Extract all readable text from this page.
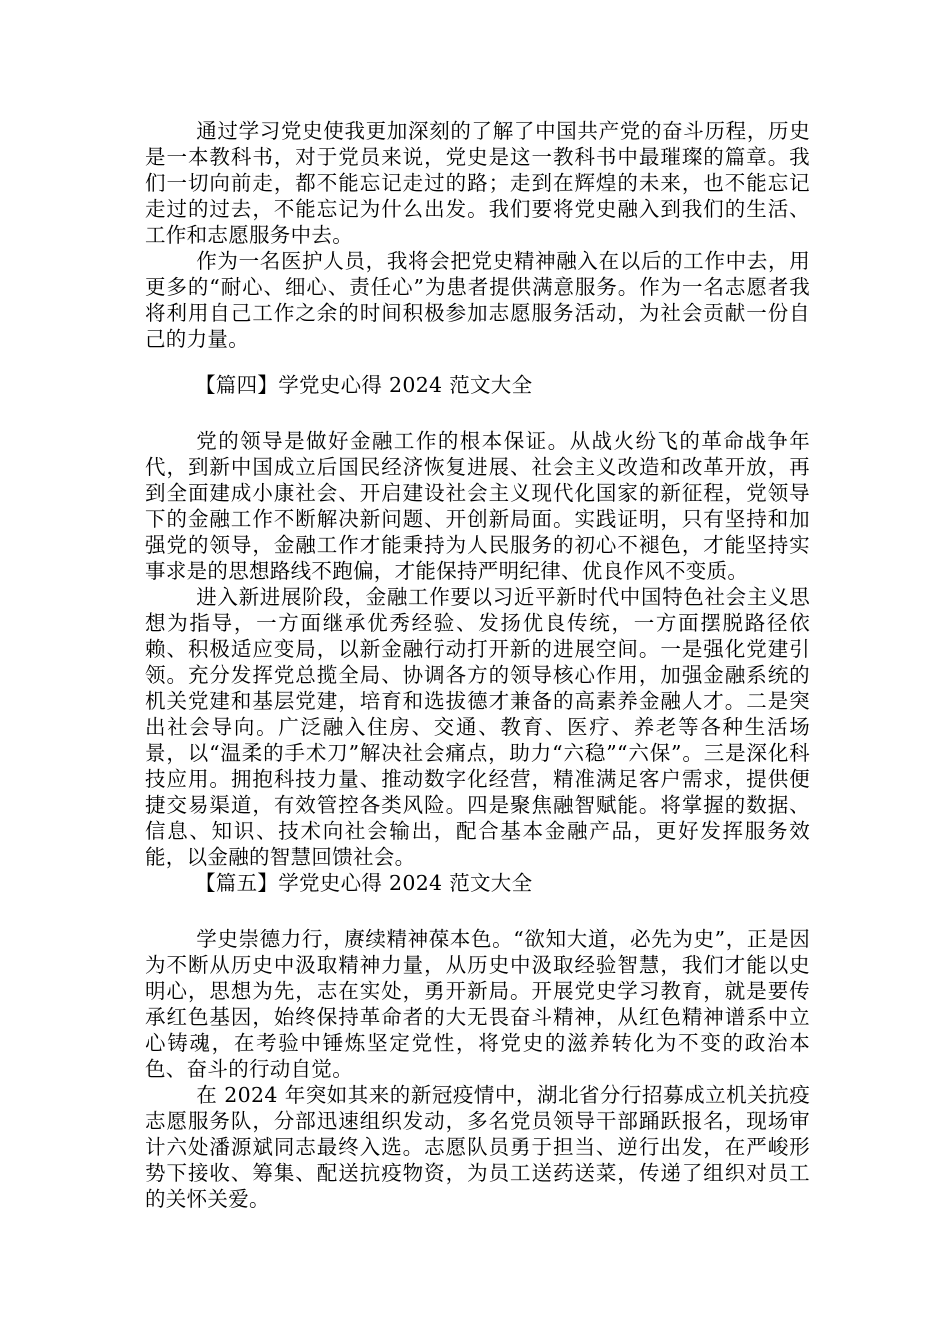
通过学习党史使我更加深刻的了解了中国共产党的奋斗历程，历史是一本教科书，对于党员来说，党史是这一教科书中最璀璨的篇章。我们一切向前走，都不能忘记走过的路；走到在辉煌的未来，也不能忘记走过的过去，不能忘记为什么出发。我们要将党史融入到我们的生活、工作和志愿服务中去。

作为一名医护人员，我将会把党史精神融入在以后的工作中去，用更多的“耐心、细心、责任心”为患者提供满意服务。作为一名志愿者我将利用自己工作之余的时间积极参加志愿服务活动，为社会贡献一份自己的力量。

【篇四】学党史心得 2024 范文大全

党的领导是做好金融工作的根本保证。从战火纷飞的革命战争年代，到新中国成立后国民经济恢复进展、社会主义改造和改革开放，再到全面建成小康社会、开启建设社会主义现代化国家的新征程，党领导下的金融工作不断解决新问题、开创新局面。实践证明，只有坚持和加强党的领导，金融工作才能秉持为人民服务的初心不褪色，才能坚持实事求是的思想路线不跑偏，才能保持严明纪律、优良作风不变质。

进入新进展阶段，金融工作要以习近平新时代中国特色社会主义思想为指导，一方面继承优秀经验、发扬优良传统，一方面摆脱路径依赖、积极适应变局，以新金融行动打开新的进展空间。一是强化党建引领。充分发挥党总揽全局、协调各方的领导核心作用，加强金融系统的机关党建和基层党建，培育和选拔德才兼备的高素养金融人才。二是突出社会导向。广泛融入住房、交通、教育、医疗、养老等各种生活场景，以“温柔的手术刀”解决社会痛点，助力“六稳”“六保”。三是深化科技应用。拥抱科技力量、推动数字化经营，精准满足客户需求，提供便捷交易渠道，有效管控各类风险。四是聚焦融智赋能。将掌握的数据、信息、知识、技术向社会输出，配合基本金融产品，更好发挥服务效能，以金融的智慧回馈社会。

【篇五】学党史心得 2024 范文大全

学史崇德力行，赓续精神葆本色。“欲知大道，必先为史”，正是因为不断从历史中汲取精神力量，从历史中汲取经验智慧，我们才能以史明心，思想为先，志在实处，勇开新局。开展党史学习教育，就是要传承红色基因，始终保持革命者的大无畏奋斗精神，从红色精神谱系中立心铸魂，在考验中锤炼坚定党性，将党史的滋养转化为不变的政治本色、奋斗的行动自觉。

在 2024 年突如其来的新冠疫情中，湖北省分行招募成立机关抗疫志愿服务队，分部迅速组织发动，多名党员领导干部踊跃报名，现场审计六处潘源斌同志最终入选。志愿队员勇于担当、逆行出发，在严峻形势下接收、筹集、配送抗疫物资，为员工送药送菜，传递了组织对员工的关怀关爱。
